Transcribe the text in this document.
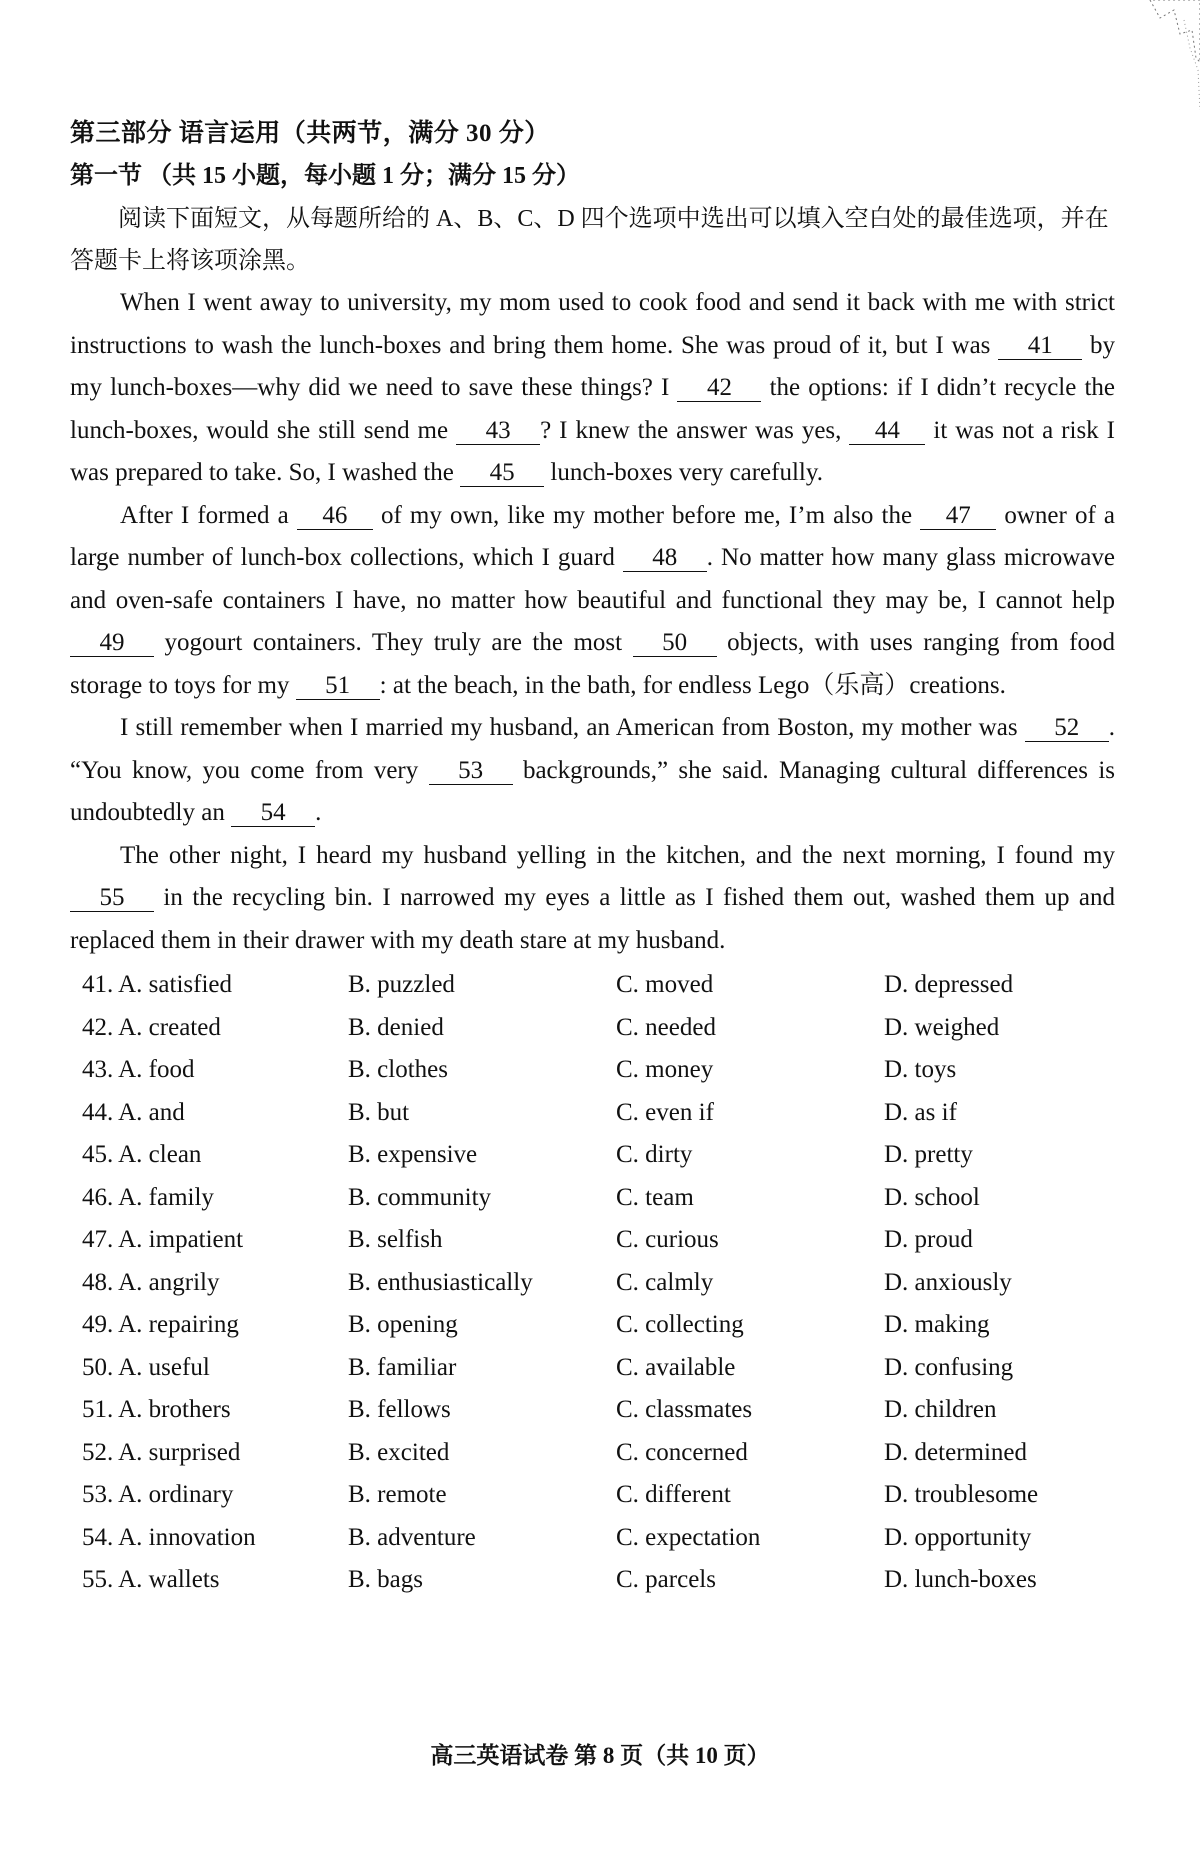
第三部分 语言运用（共两节，满分 30 分）
第一节 （共 15 小题，每小题 1 分；满分 15 分）

阅读下面短文，从每题所给的 A、B、C、D 四个选项中选出可以填入空白处的最佳选项，并在答题卡上将该项涂黑。

When I went away to university, my mom used to cook food and send it back with me with strict instructions to wash the lunch-boxes and bring them home. She was proud of it, but I was 41 by my lunch-boxes—why did we need to save these things? I 42 the options: if I didn’t recycle the lunch-boxes, would she still send me 43 ? I knew the answer was yes, 44 it was not a risk I was prepared to take. So, I washed the 45 lunch-boxes very carefully.

After I formed a 46 of my own, like my mother before me, I’m also the 47 owner of a large number of lunch-box collections, which I guard 48 . No matter how many glass microwave and oven-safe containers I have, no matter how beautiful and functional they may be, I cannot help 49 yogourt containers. They truly are the most 50 objects, with uses ranging from food storage to toys for my 51 : at the beach, in the bath, for endless Lego（乐高）creations.

I still remember when I married my husband, an American from Boston, my mother was 52 . “You know, you come from very 53 backgrounds,” she said. Managing cultural differences is undoubtedly an 54 .

The other night, I heard my husband yelling in the kitchen, and the next morning, I found my 55 in the recycling bin. I narrowed my eyes a little as I fished them out, washed them up and replaced them in their drawer with my death stare at my husband.

41. A. satisfied	B. puzzled	C. moved	D. depressed
42. A. created	B. denied	C. needed	D. weighed
43. A. food	B. clothes	C. money	D. toys
44. A. and	B. but	C. even if	D. as if
45. A. clean	B. expensive	C. dirty	D. pretty
46. A. family	B. community	C. team	D. school
47. A. impatient	B. selfish	C. curious	D. proud
48. A. angrily	B. enthusiastically	C. calmly	D. anxiously
49. A. repairing	B. opening	C. collecting	D. making
50. A. useful	B. familiar	C. available	D. confusing
51. A. brothers	B. fellows	C. classmates	D. children
52. A. surprised	B. excited	C. concerned	D. determined
53. A. ordinary	B. remote	C. different	D. troublesome
54. A. innovation	B. adventure	C. expectation	D. opportunity
55. A. wallets	B. bags	C. parcels	D. lunch-boxes
高三英语试卷 第 8 页（共 10 页）
